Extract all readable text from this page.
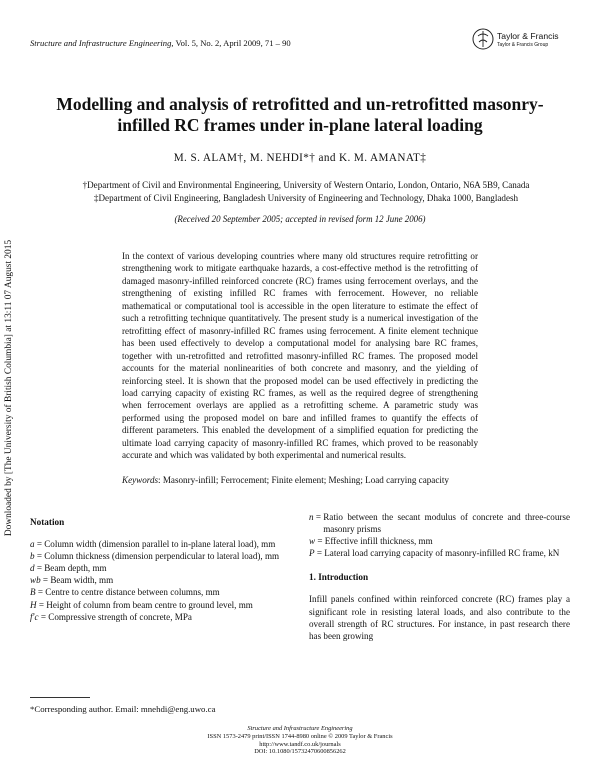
Structure and Infrastructure Engineering, Vol. 5, No. 2, April 2009, 71 – 90
Taylor & Francis
Taylor & Francis Group
Modelling and analysis of retrofitted and un-retrofitted masonry-infilled RC frames under in-plane lateral loading
M. S. ALAM†, M. NEHDI*† and K. M. AMANAT‡
†Department of Civil and Environmental Engineering, University of Western Ontario, London, Ontario, N6A 5B9, Canada
‡Department of Civil Engineering, Bangladesh University of Engineering and Technology, Dhaka 1000, Bangladesh
(Received 20 September 2005; accepted in revised form 12 June 2006)
In the context of various developing countries where many old structures require retrofitting or strengthening work to mitigate earthquake hazards, a cost-effective method is the retrofitting of damaged masonry-infilled reinforced concrete (RC) frames using ferrocement overlays, and the strengthening of existing infilled RC frames with ferrocement. However, no reliable mathematical or computational tool is accessible in the open literature to estimate the effect of such a retrofitting technique quantitatively. The present study is a numerical investigation of the retrofitting effect of masonry-infilled RC frames using ferrocement. A finite element technique has been used effectively to develop a computational model for analysing bare RC frames, together with un-retrofitted and retrofitted masonry-infilled RC frames. The proposed model accounts for the material nonlinearities of both concrete and masonry, and the yielding of reinforcing steel. It is shown that the proposed model can be used effectively in predicting the load carrying capacity of existing RC frames, as well as the required degree of strengthening when ferrocement overlays are applied as a retrofitting scheme. A parametric study was performed using the proposed model on bare and infilled frames to quantify the effects of different parameters. This enabled the development of a simplified equation for predicting the ultimate load carrying capacity of masonry-infilled RC frames, which proved to be reasonably accurate and which was validated by both experimental and numerical results.
Keywords: Masonry-infill; Ferrocement; Finite element; Meshing; Load carrying capacity
Downloaded by [The University of British Columbia] at 13:11 07 August 2015 Notation
a = Column width (dimension parallel to in-plane lateral load), mm
b = Column thickness (dimension perpendicular to lateral load), mm
d = Beam depth, mm
wb = Beam width, mm
B = Centre to centre distance between columns, mm
H = Height of column from beam centre to ground level, mm
f′c = Compressive strength of concrete, MPa
n = Ratio between the secant modulus of concrete and three-course masonry prisms
w = Effective infill thickness, mm
P = Lateral load carrying capacity of masonry-infilled RC frame, kN
1. Introduction
Infill panels confined within reinforced concrete (RC) frames play a significant role in resisting lateral loads, and also contribute to the overall strength of RC structures. For instance, in past research there has been growing
*Corresponding author. Email: mnehdi@eng.uwo.ca
Structure and Infrastructure Engineering
ISSN 1573-2479 print/ISSN 1744-8980 online © 2009 Taylor & Francis
http://www.tandf.co.uk/journals
DOI: 10.1080/15732470600856262
